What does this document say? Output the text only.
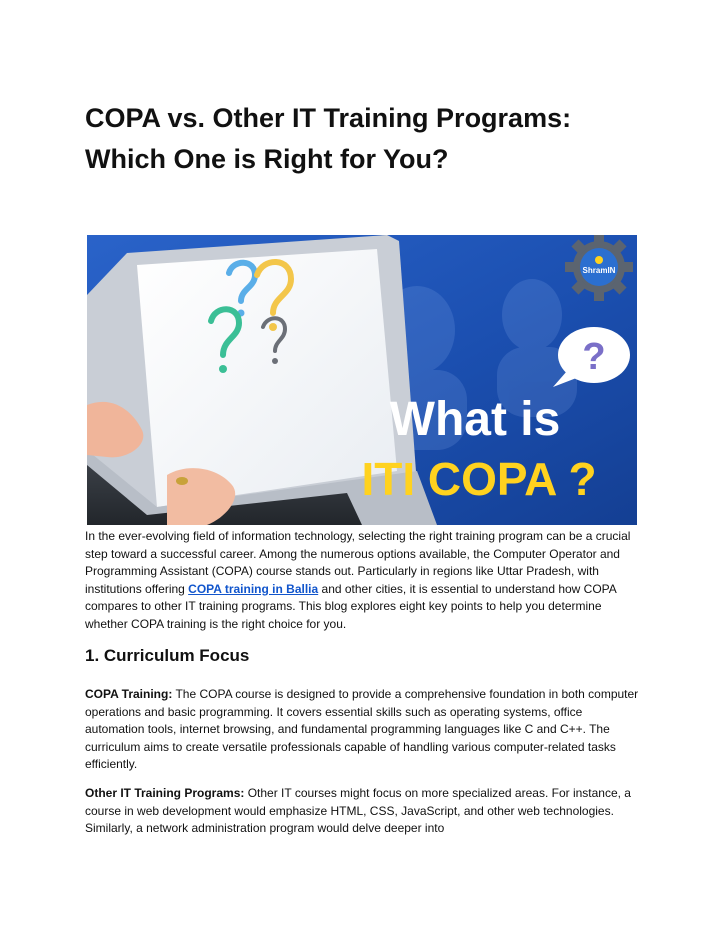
COPA vs. Other IT Training Programs: Which One is Right for You?
ShramIN
?
What is
ITI COPA ?

In the ever-evolving field of information technology, selecting the right training program can be a crucial step toward a successful career. Among the numerous options available, the Computer Operator and Programming Assistant (COPA) course stands out. Particularly in regions like Uttar Pradesh, with institutions offering COPA training in Ballia and other cities, it is essential to understand how COPA compares to other IT training programs. This blog explores eight key points to help you determine whether COPA training is the right choice for you.

1. Curriculum Focus

COPA Training: The COPA course is designed to provide a comprehensive foundation in both computer operations and basic programming. It covers essential skills such as operating systems, office automation tools, internet browsing, and fundamental programming languages like C and C++. The curriculum aims to create versatile professionals capable of handling various computer-related tasks efficiently.

Other IT Training Programs: Other IT courses might focus on more specialized areas. For instance, a course in web development would emphasize HTML, CSS, JavaScript, and other web technologies. Similarly, a network administration program would delve deeper into
